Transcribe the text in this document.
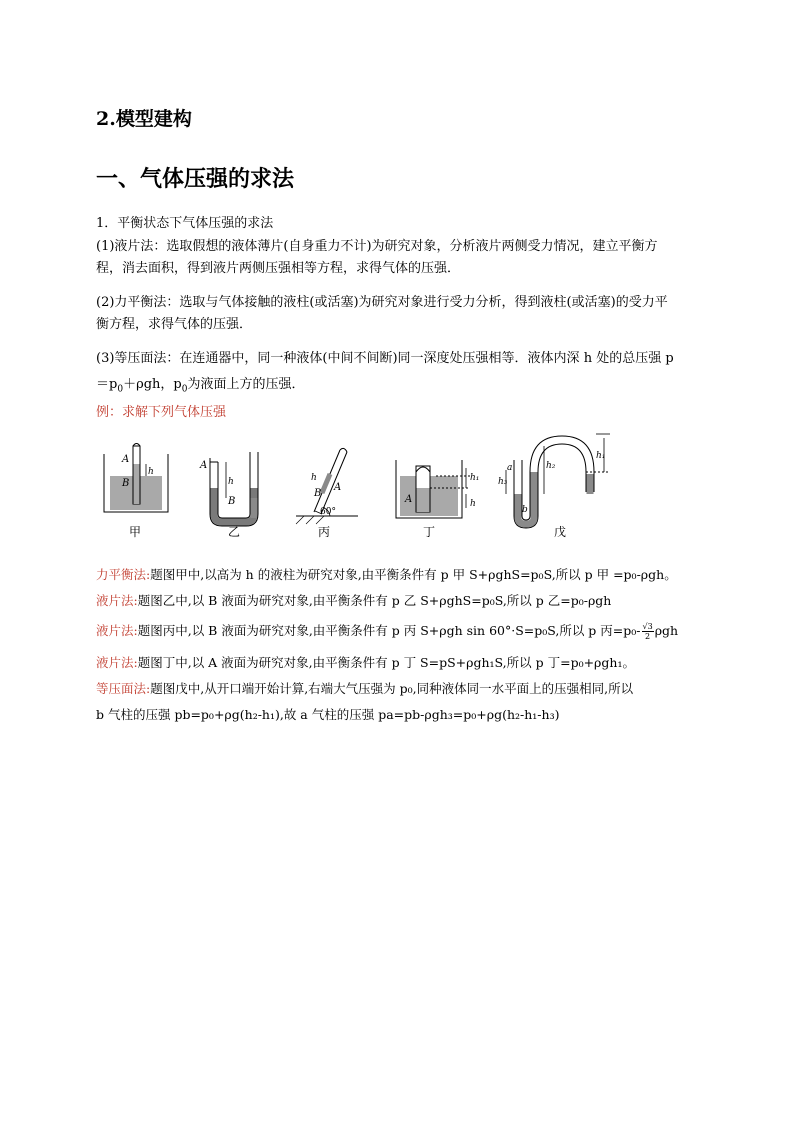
2.模型建构
一、气体压强的求法
1．平衡状态下气体压强的求法
(1)液片法：选取假想的液体薄片(自身重力不计)为研究对象，分析液片两侧受力情况，建立平衡方
程，消去面积，得到液片两侧压强相等方程，求得气体的压强．
(2)力平衡法：选取与气体接触的液柱(或活塞)为研究对象进行受力分析，得到液柱(或活塞)的受力平
衡方程，求得气体的压强．
(3)等压面法：在连通器中，同一种液体(中间不间断)同一深度处压强相等．液体内深 h 处的总压强 p
$=p_0+\rho gh$，$p_0$为液面上方的压强．
例：求解下列气体压强
A
B
h
甲
A
h
B
乙
h
A
B
60°
丙
A
h₁
h
丁
h₁
h₂
h₃
a
b
戊
力平衡法:题图甲中,以高为 h 的液柱为研究对象,由平衡条件有 p 甲 S+ρghS=p₀S,所以 p 甲 =p₀-ρgh。
液片法:题图乙中,以 B 液面为研究对象,由平衡条件有 p 乙 S+ρghS=p₀S,所以 p 乙=p₀-ρgh
液片法:题图丙中,以 B 液面为研究对象,由平衡条件有 p 丙 S+ρgh sin 60°·S=p₀S,所以 p 丙$=p_0- \frac{√3}{2}$ ρgh
液片法:题图丁中,以 A 液面为研究对象,由平衡条件有 p 丁 S=pS+ρgh₁S,所以 p 丁=p₀+ρgh₁。
等压面法:题图戊中,从开口端开始计算,右端大气压强为 p₀,同种液体同一水平面上的压强相同,所以
b 气柱的压强 pb=p₀+ρg(h₂-h₁),故 a 气柱的压强 pa=pb-ρgh₃=p₀+ρg(h₂-h₁-h₃)
